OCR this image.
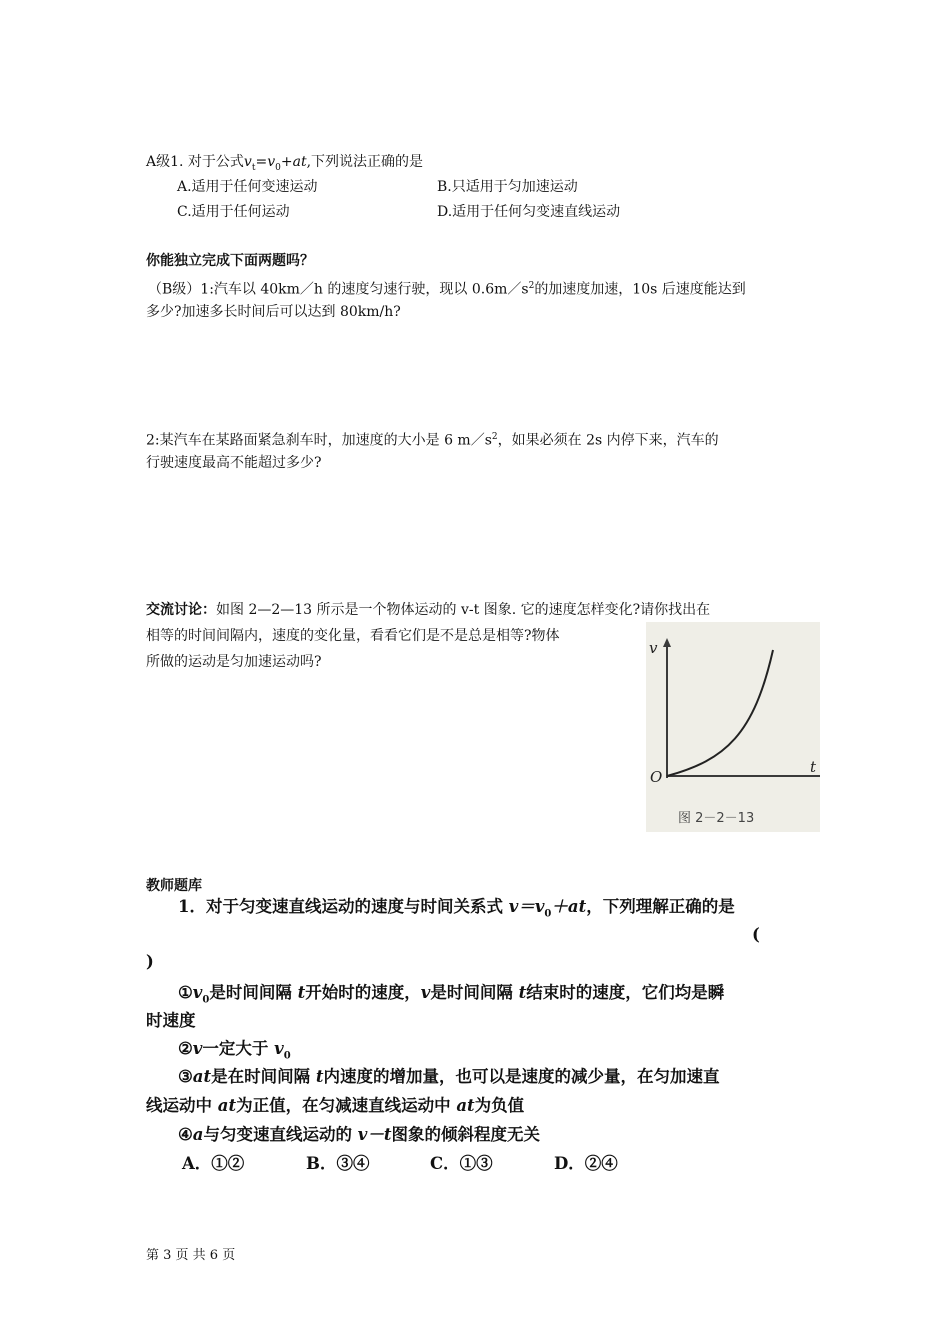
A级1. 对于公式$v_t=v_0+at$,下列说法正确的是
A.适用于任何变速运动	B.只适用于匀加速运动
C.适用于任何运动	D.适用于任何匀变速直线运动
你能独立完成下面两题吗？
（B级）1:汽车以 40km／h 的速度匀速行驶，现以 $0.6m/s^2$的加速度加速，10s 后速度能达到
多少?加速多长时间后可以达到 80km/h?
2:某汽车在某路面紧急刹车时，加速度的大小是 6 $m/s^2$，如果必须在 2s 内停下来，汽车的
行驶速度最高不能超过多少?
交流讨论：如图 2—2—13 所示是一个物体运动的 v-t 图象. 它的速度怎样变化?请你找出在
相等的时间间隔内，速度的变化量，看看它们是不是总是相等?物体
所做的运动是匀加速运动吗?
v
t
O
图 2－2－13
教师题库
1．对于匀变速直线运动的速度与时间关系式 $v=v_0+at$，下列理解正确的是
(
)
$①v_0$是时间间隔 t开始时的速度，v是时间间隔 t结束时的速度，它们均是瞬
时速度
②v一定大于 $v_0$
③at是在时间间隔 t内速度的增加量，也可以是速度的减少量，在匀加速直
线运动中 at为正值，在匀减速直线运动中 at为负值
④a与匀变速直线运动的 v－t图象的倾斜程度无关
A．①②	B．③④	C．①③	D．②④
第 3 页 共 6 页
